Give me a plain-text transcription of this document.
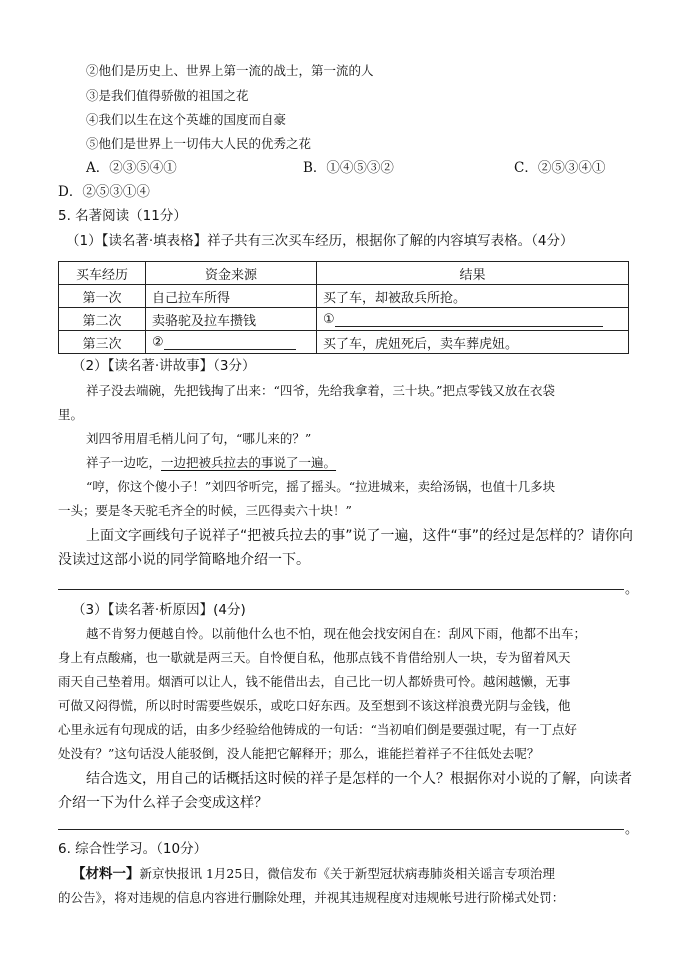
②他们是历史上、世界上第一流的战士，第一流的人
③是我们值得骄傲的祖国之花
④我们以生在这个英雄的国度而自豪
⑤他们是世界上一切伟大人民的优秀之花
A．②③⑤④①	B．①④⑤③②	C．②⑤③④①
D．②⑤③①④
5. 名著阅读（11分）
（1）【读名著·填表格】祥子共有三次买车经历，根据你了解的内容填写表格。（4分）
买车经历	资金来源	结果
第一次	自己拉车所得	买了车，却被敌兵所抢。
第二次	卖骆驼及拉车攒钱	①
第三次	②	买了车，虎妞死后，卖车葬虎妞。
（2）【读名著·讲故事】（3分）
祥子没去端碗，先把钱掏了出来：“四爷，先给我拿着，三十块。”把点零钱又放在衣袋
里。
刘四爷用眉毛梢儿问了句，“哪儿来的？”
祥子一边吃，一边把被兵拉去的事说了一遍。
“哼，你这个傻小子！”刘四爷听完，摇了摇头。“拉进城来，卖给汤锅，也值十几多块
一头；要是冬天驼毛齐全的时候，三匹得卖六十块！”
上面文字画线句子说祥子“把被兵拉去的事”说了一遍，这件“事”的经过是怎样的？请你向
没读过这部小说的同学简略地介绍一下。
。
（3）【读名著·析原因】(4分)
越不肯努力便越自怜。以前他什么也不怕，现在他会找安闲自在：刮风下雨，他都不出车；
身上有点酸痛，也一歇就是两三天。自怜便自私，他那点钱不肯借给别人一块，专为留着风天
雨天自己垫着用。烟酒可以让人，钱不能借出去，自己比一切人都娇贵可怜。越闲越懒，无事
可做又闷得慌，所以时时需要些娱乐，或吃口好东西。及至想到不该这样浪费光阴与金钱，他
心里永远有句现成的话，由多少经验给他铸成的一句话：“当初咱们倒是要强过呢，有一丁点好
处没有？”这句话没人能驳倒，没人能把它解释开；那么，谁能拦着祥子不往低处去呢？
结合选文，用自己的话概括这时候的祥子是怎样的一个人？根据你对小说的了解，向读者
介绍一下为什么祥子会变成这样？
。
6. 综合性学习。（10分）
【材料一】新京快报讯 1月25日，微信发布《关于新型冠状病毒肺炎相关谣言专项治理
的公告》，将对违规的信息内容进行删除处理，并视其违规程度对违规帐号进行阶梯式处罚：
